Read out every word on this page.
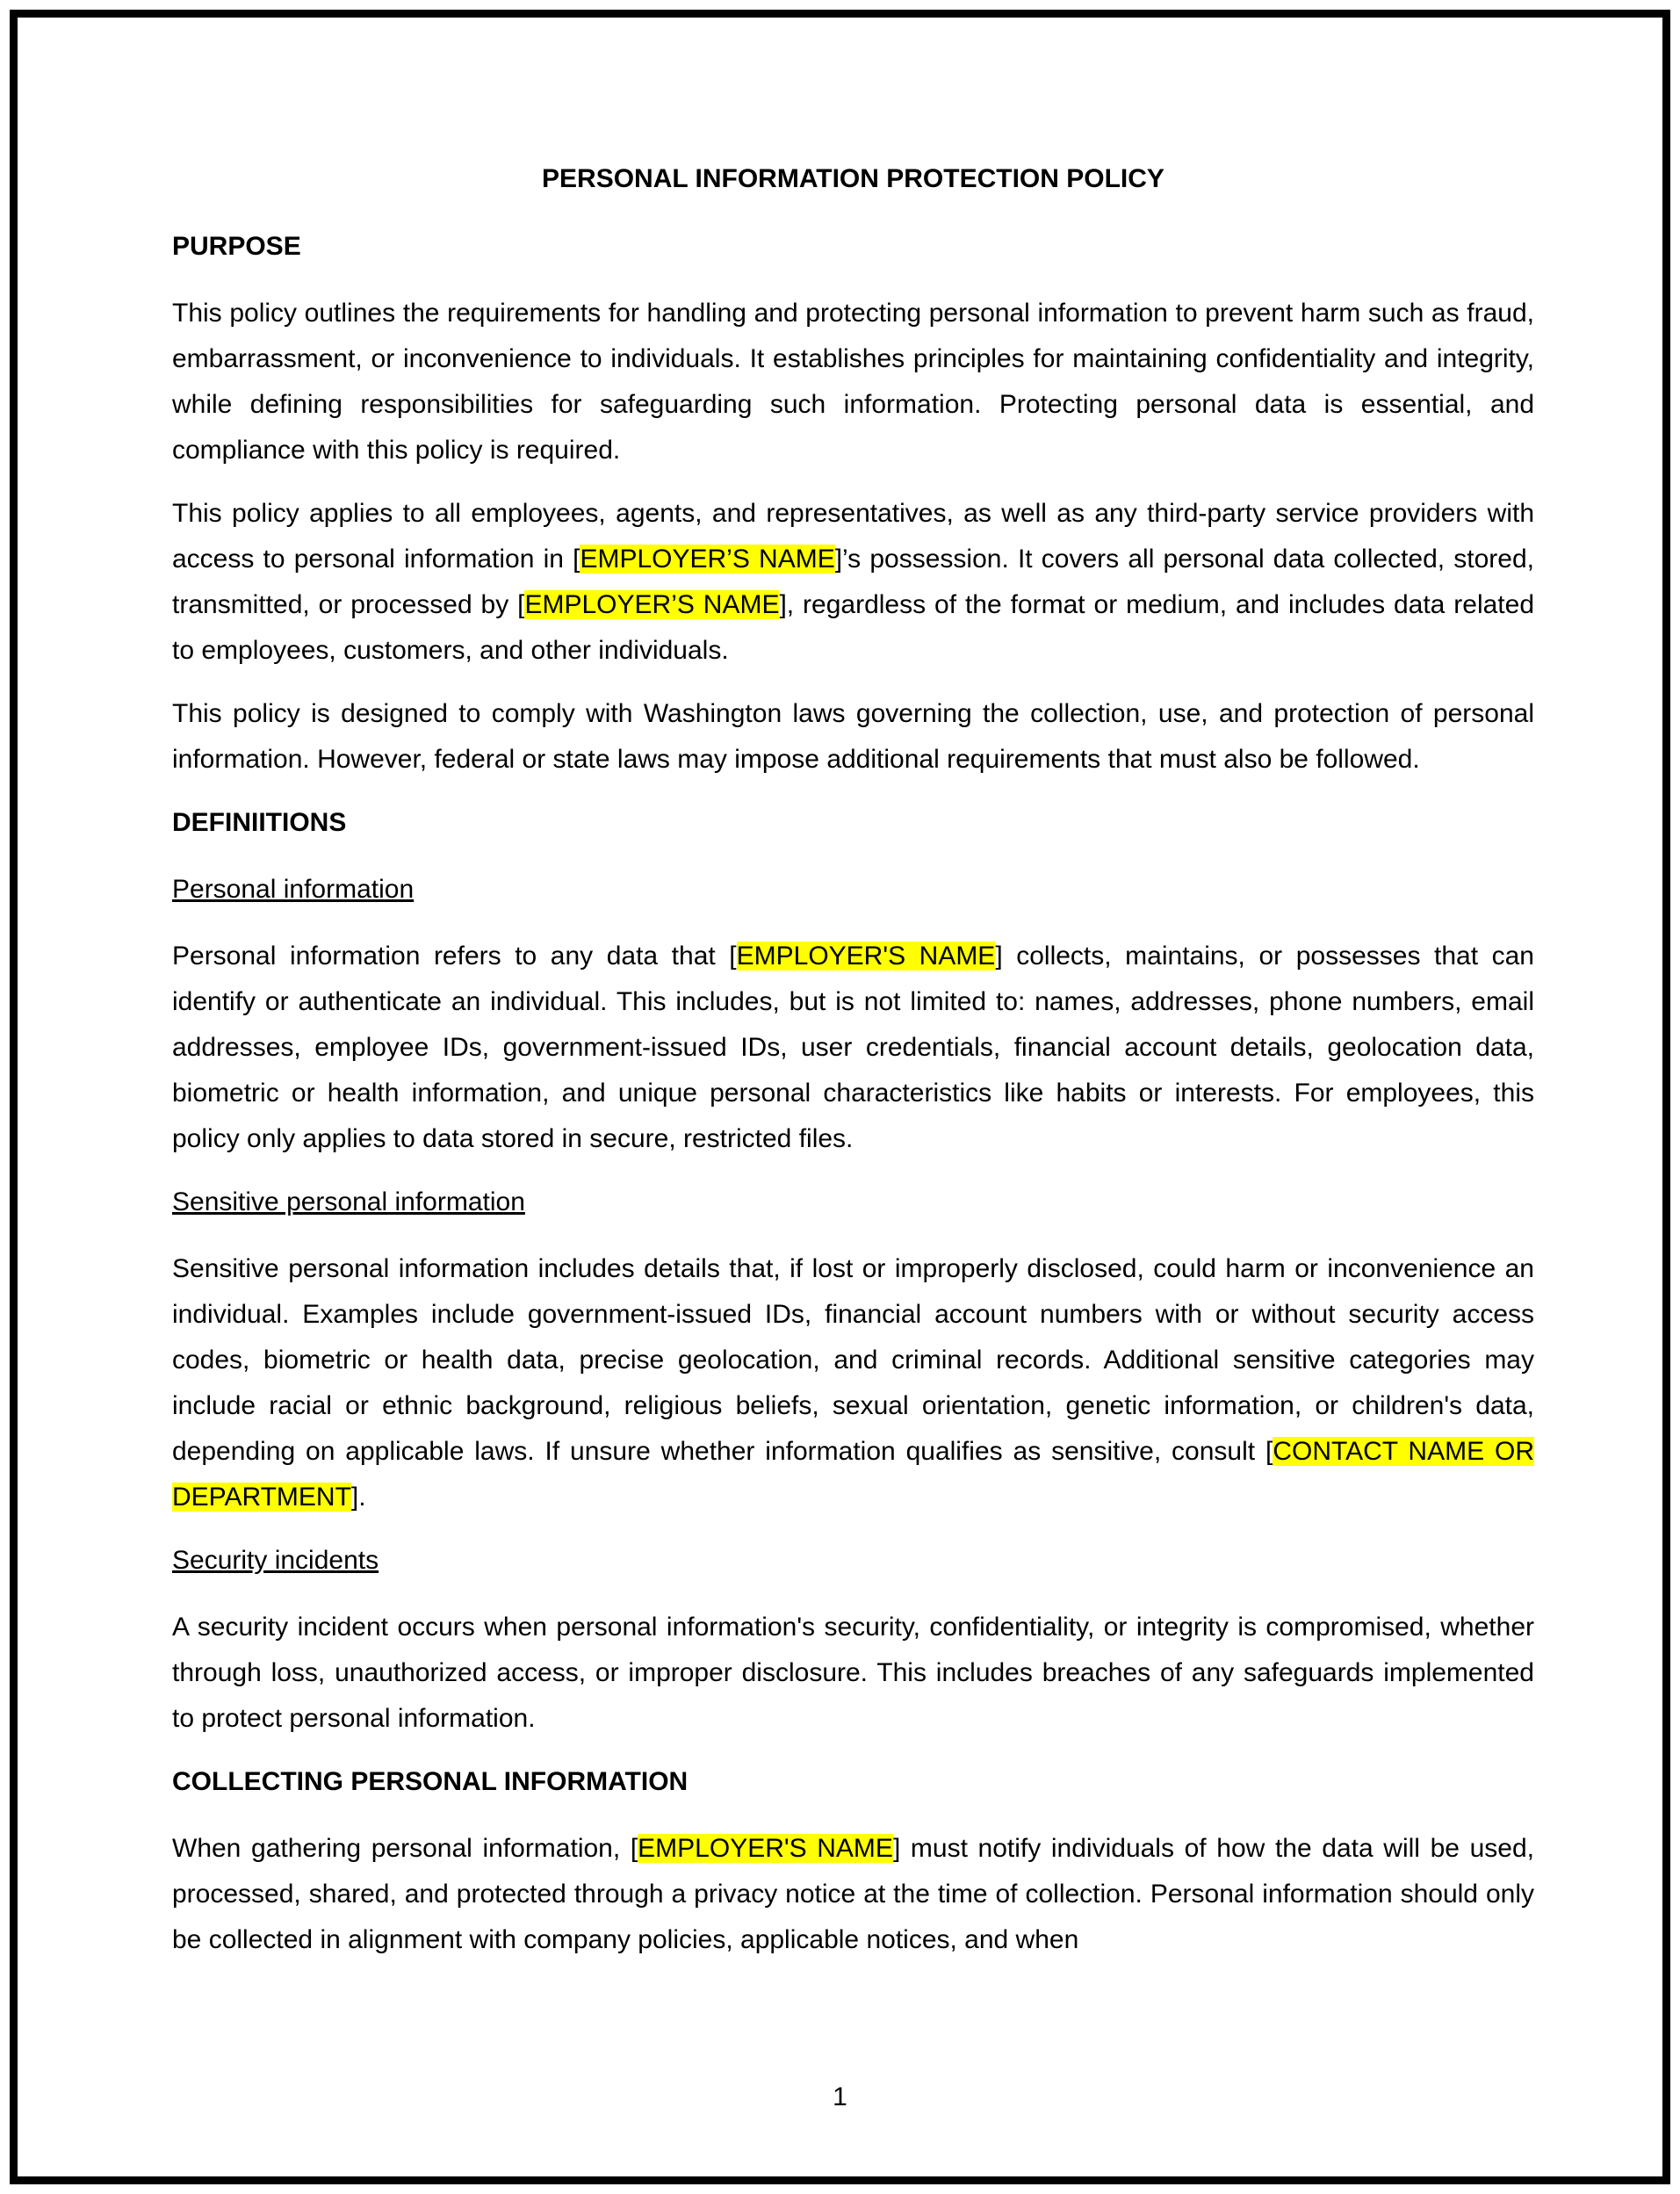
PERSONAL INFORMATION PROTECTION POLICY
PURPOSE

This policy outlines the requirements for handling and protecting personal information to prevent harm such as fraud, embarrassment, or inconvenience to individuals. It establishes principles for maintaining confidentiality and integrity, while defining responsibilities for safeguarding such information. Protecting personal data is essential, and compliance with this policy is required.

This policy applies to all employees, agents, and representatives, as well as any third-party service providers with access to personal information in [EMPLOYER’S NAME]’s possession. It covers all personal data collected, stored, transmitted, or processed by [EMPLOYER’S NAME], regardless of the format or medium, and includes data related to employees, customers, and other individuals.

This policy is designed to comply with Washington laws governing the collection, use, and protection of personal information. However, federal or state laws may impose additional requirements that must also be followed.

DEFINIITIONS
Personal information

Personal information refers to any data that [EMPLOYER'S NAME] collects, maintains, or possesses that can identify or authenticate an individual. This includes, but is not limited to: names, addresses, phone numbers, email addresses, employee IDs, government-issued IDs, user credentials, financial account details, geolocation data, biometric or health information, and unique personal characteristics like habits or interests. For employees, this policy only applies to data stored in secure, restricted files.

Sensitive personal information

Sensitive personal information includes details that, if lost or improperly disclosed, could harm or inconvenience an individual. Examples include government-issued IDs, financial account numbers with or without security access codes, biometric or health data, precise geolocation, and criminal records. Additional sensitive categories may include racial or ethnic background, religious beliefs, sexual orientation, genetic information, or children's data, depending on applicable laws. If unsure whether information qualifies as sensitive, consult [CONTACT NAME OR DEPARTMENT].

Security incidents

A security incident occurs when personal information's security, confidentiality, or integrity is compromised, whether through loss, unauthorized access, or improper disclosure. This includes breaches of any safeguards implemented to protect personal information.

COLLECTING PERSONAL INFORMATION

When gathering personal information, [EMPLOYER'S NAME] must notify individuals of how the data will be used, processed, shared, and protected through a privacy notice at the time of collection. Personal information should only be collected in alignment with company policies, applicable notices, and when

1
